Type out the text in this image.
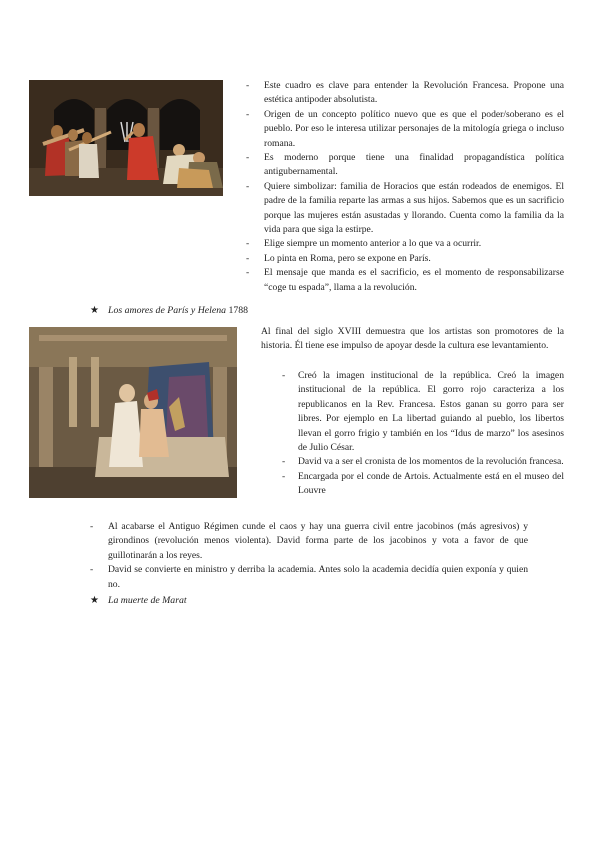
- Este cuadro es clave para entender la Revolución Francesa. Propone una estética antipoder absolutista.
- Origen de un concepto político nuevo que es que el poder/soberano es el pueblo. Por eso le interesa utilizar personajes de la mitología griega o incluso romana.
- Es moderno porque tiene una finalidad propagandística política antigubernamental.
- Quiere simbolizar: familia de Horacios que están rodeados de enemigos. El padre de la familia reparte las armas a sus hijos. Sabemos que es un sacrificio porque las mujeres están asustadas y llorando. Cuenta como la familia da la vida para que siga la estirpe.
- Elige siempre un momento anterior a lo que va a ocurrir.
- Lo pinta en Roma, pero se expone en París.
- El mensaje que manda es el sacrificio, es el momento de responsabilizarse “coge tu espada”, llama a la revolución.
★ Los amores de París y Helena 1788

Al final del siglo XVIII demuestra que los artistas son promotores de la historia. Él tiene ese impulso de apoyar desde la cultura ese levantamiento.

- Creó la imagen institucional de la república. Creó la imagen institucional de la república. El gorro rojo caracteriza a los republicanos en la Rev. Francesa. Estos ganan su gorro para ser libres. Por ejemplo en La libertad guiando al pueblo, los libertos llevan el gorro frigio y también en los “Idus de marzo” los asesinos de Julio César.
- David va a ser el cronista de los momentos de la revolución francesa.
- Encargada por el conde de Artois. Actualmente está en el museo del Louvre
- Al acabarse el Antiguo Régimen cunde el caos y hay una guerra civil entre jacobinos (más agresivos) y girondinos (revolución menos violenta). David forma parte de los jacobinos y vota a favor de que guillotinarán a los reyes.
- David se convierte en ministro y derriba la academia. Antes solo la academia decidía quien exponía y quien no.
★ La muerte de Marat
